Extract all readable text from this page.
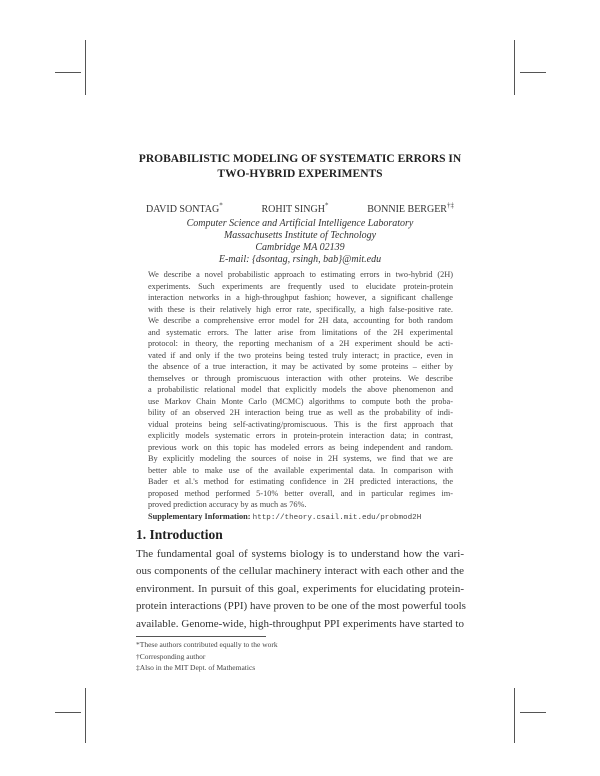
PROBABILISTIC MODELING OF SYSTEMATIC ERRORS IN
TWO-HYBRID EXPERIMENTS
DAVID SONTAG*	ROHIT SINGH*	BONNIE BERGER†‡
Computer Science and Artificial Intelligence Laboratory
Massachusetts Institute of Technology
Cambridge MA 02139
E-mail: {dsontag, rsingh, bab}@mit.edu
We describe a novel probabilistic approach to estimating errors in two-hybrid (2H)
experiments. Such experiments are frequently used to elucidate protein-protein
interaction networks in a high-throughput fashion; however, a significant challenge
with these is their relatively high error rate, specifically, a high false-positive rate.
We describe a comprehensive error model for 2H data, accounting for both random
and systematic errors. The latter arise from limitations of the 2H experimental
protocol: in theory, the reporting mechanism of a 2H experiment should be acti-
vated if and only if the two proteins being tested truly interact; in practice, even in
the absence of a true interaction, it may be activated by some proteins – either by
themselves or through promiscuous interaction with other proteins. We describe
a probabilistic relational model that explicitly models the above phenomenon and
use Markov Chain Monte Carlo (MCMC) algorithms to compute both the proba-
bility of an observed 2H interaction being true as well as the probability of indi-
vidual proteins being self-activating/promiscuous. This is the first approach that
explicitly models systematic errors in protein-protein interaction data; in contrast,
previous work on this topic has modeled errors as being independent and random.
By explicitly modeling the sources of noise in 2H systems, we find that we are
better able to make use of the available experimental data. In comparison with
Bader et al.'s method for estimating confidence in 2H predicted interactions, the
proposed method performed 5-10% better overall, and in particular regimes im-
proved prediction accuracy by as much as 76%.
Supplementary Information: http://theory.csail.mit.edu/probmod2H
1. Introduction
The fundamental goal of systems biology is to understand how the vari-
ous components of the cellular machinery interact with each other and the
environment. In pursuit of this goal, experiments for elucidating protein-
protein interactions (PPI) have proven to be one of the most powerful tools
available. Genome-wide, high-throughput PPI experiments have started to
*These authors contributed equally to the work
†Corresponding author
‡Also in the MIT Dept. of Mathematics
